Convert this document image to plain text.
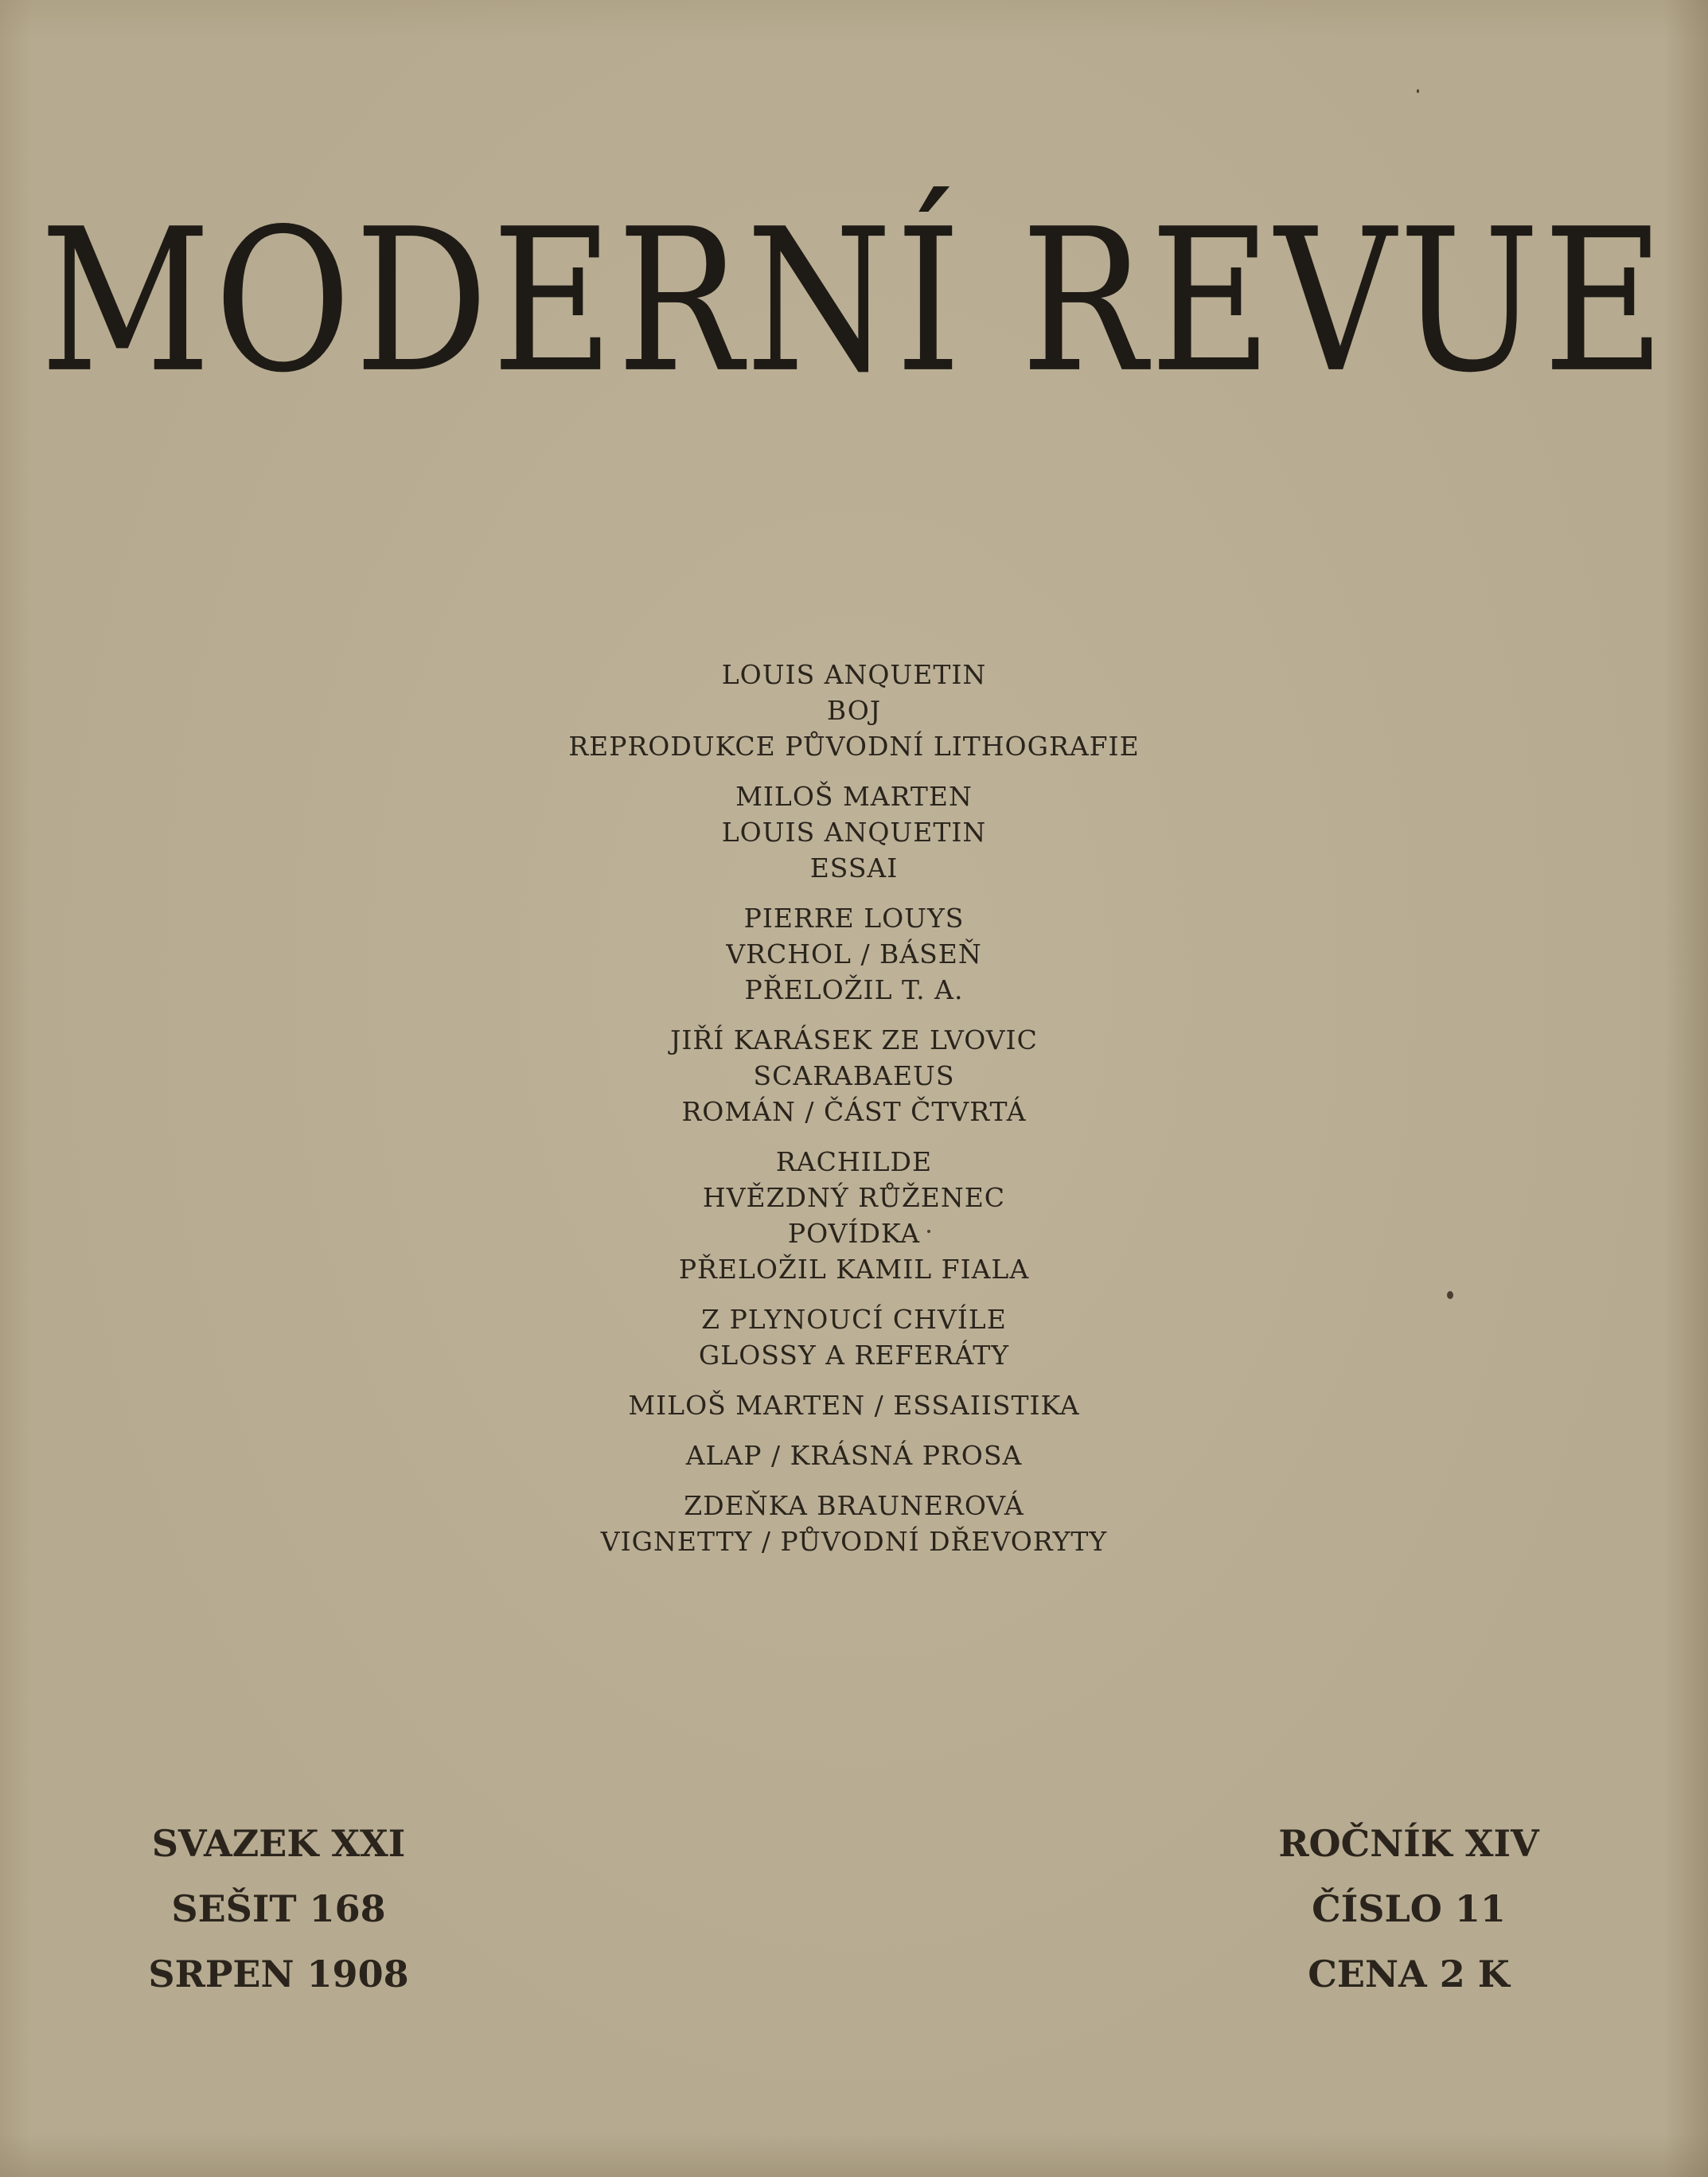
MODERNÍ REVUE
LOUIS ANQUETIN
BOJ
REPRODUKCE PŮVODNÍ LITHOGRAFIE
MILOŠ MARTEN
LOUIS ANQUETIN
ESSAI
PIERRE LOUYS
VRCHOL / BÁSEŇ
PŘELOŽIL T. A.
JIŘÍ KARÁSEK ZE LVOVIC
SCARABAEUS
ROMÁN / ČÁST ČTVRTÁ
RACHILDE
HVĚZDNÝ RŮŽENEC
POVÍDKA
PŘELOŽIL KAMIL FIALA
Z PLYNOUCÍ CHVÍLE
GLOSSY A REFERÁTY
MILOŠ MARTEN / ESSAIISTIKA
ALAP / KRÁSNÁ PROSA
ZDEŇKA BRAUNEROVÁ
VIGNETTY / PŮVODNÍ DŘEVORYTY
SVAZEK XXI
SEŠIT 168
SRPEN 1908
ROČNÍK XIV
ČÍSLO 11
CENA 2 K
